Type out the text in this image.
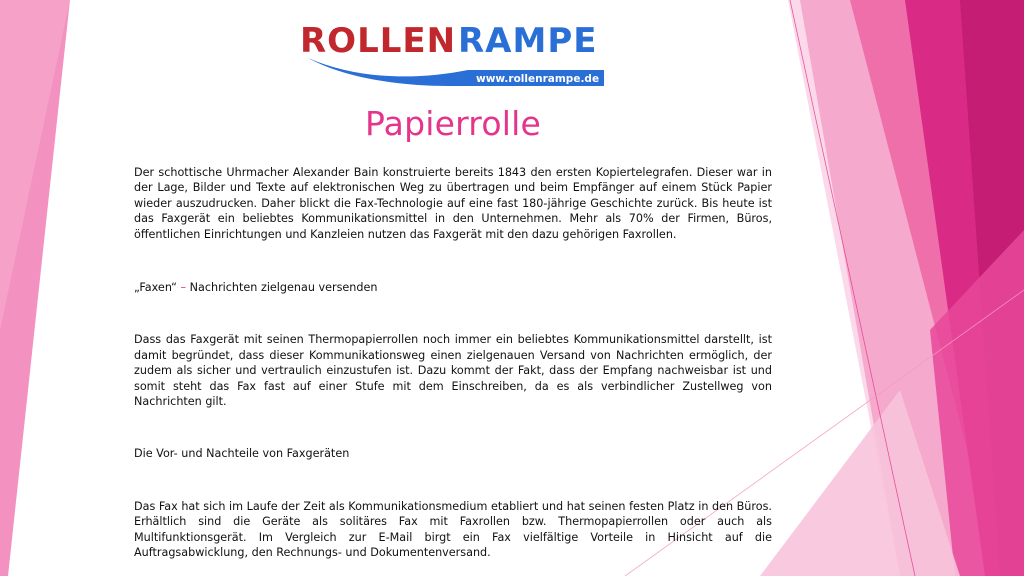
ROLLEN RAMPE
www.rollenrampe.de
Papierrolle

Der schottische Uhrmacher Alexander Bain konstruierte bereits 1843 den ersten Kopiertelegrafen. Dieser war in der Lage, Bilder und Texte auf elektronischen Weg zu übertragen und beim Empfänger auf einem Stück Papier wieder auszudrucken. Daher blickt die Fax-Technologie auf eine fast 180-jährige Geschichte zurück. Bis heute ist das Faxgerät ein beliebtes Kommunikationsmittel in den Unternehmen. Mehr als 70% der Firmen, Büros, öffentlichen Einrichtungen und Kanzleien nutzen das Faxgerät mit den dazu gehörigen Faxrollen.

„Faxen“ – Nachrichten zielgenau versenden

Dass das Faxgerät mit seinen Thermopapierrollen noch immer ein beliebtes Kommunikationsmittel darstellt, ist damit begründet, dass dieser Kommunikationsweg einen zielgenauen Versand von Nachrichten ermöglich, der zudem als sicher und vertraulich einzustufen ist. Dazu kommt der Fakt, dass der Empfang nachweisbar ist und somit steht das Fax fast auf einer Stufe mit dem Einschreiben, da es als verbindlicher Zustellweg von Nachrichten gilt.

Die Vor- und Nachteile von Faxgeräten

Das Fax hat sich im Laufe der Zeit als Kommunikationsmedium etabliert und hat seinen festen Platz in den Büros. Erhältlich sind die Geräte als solitäres Fax mit Faxrollen bzw. Thermopapierrollen oder auch als Multifunktionsgerät. Im Vergleich zur E-Mail birgt ein Fax vielfältige Vorteile in Hinsicht auf die Auftragsabwicklung, den Rechnungs- und Dokumentenversand.
